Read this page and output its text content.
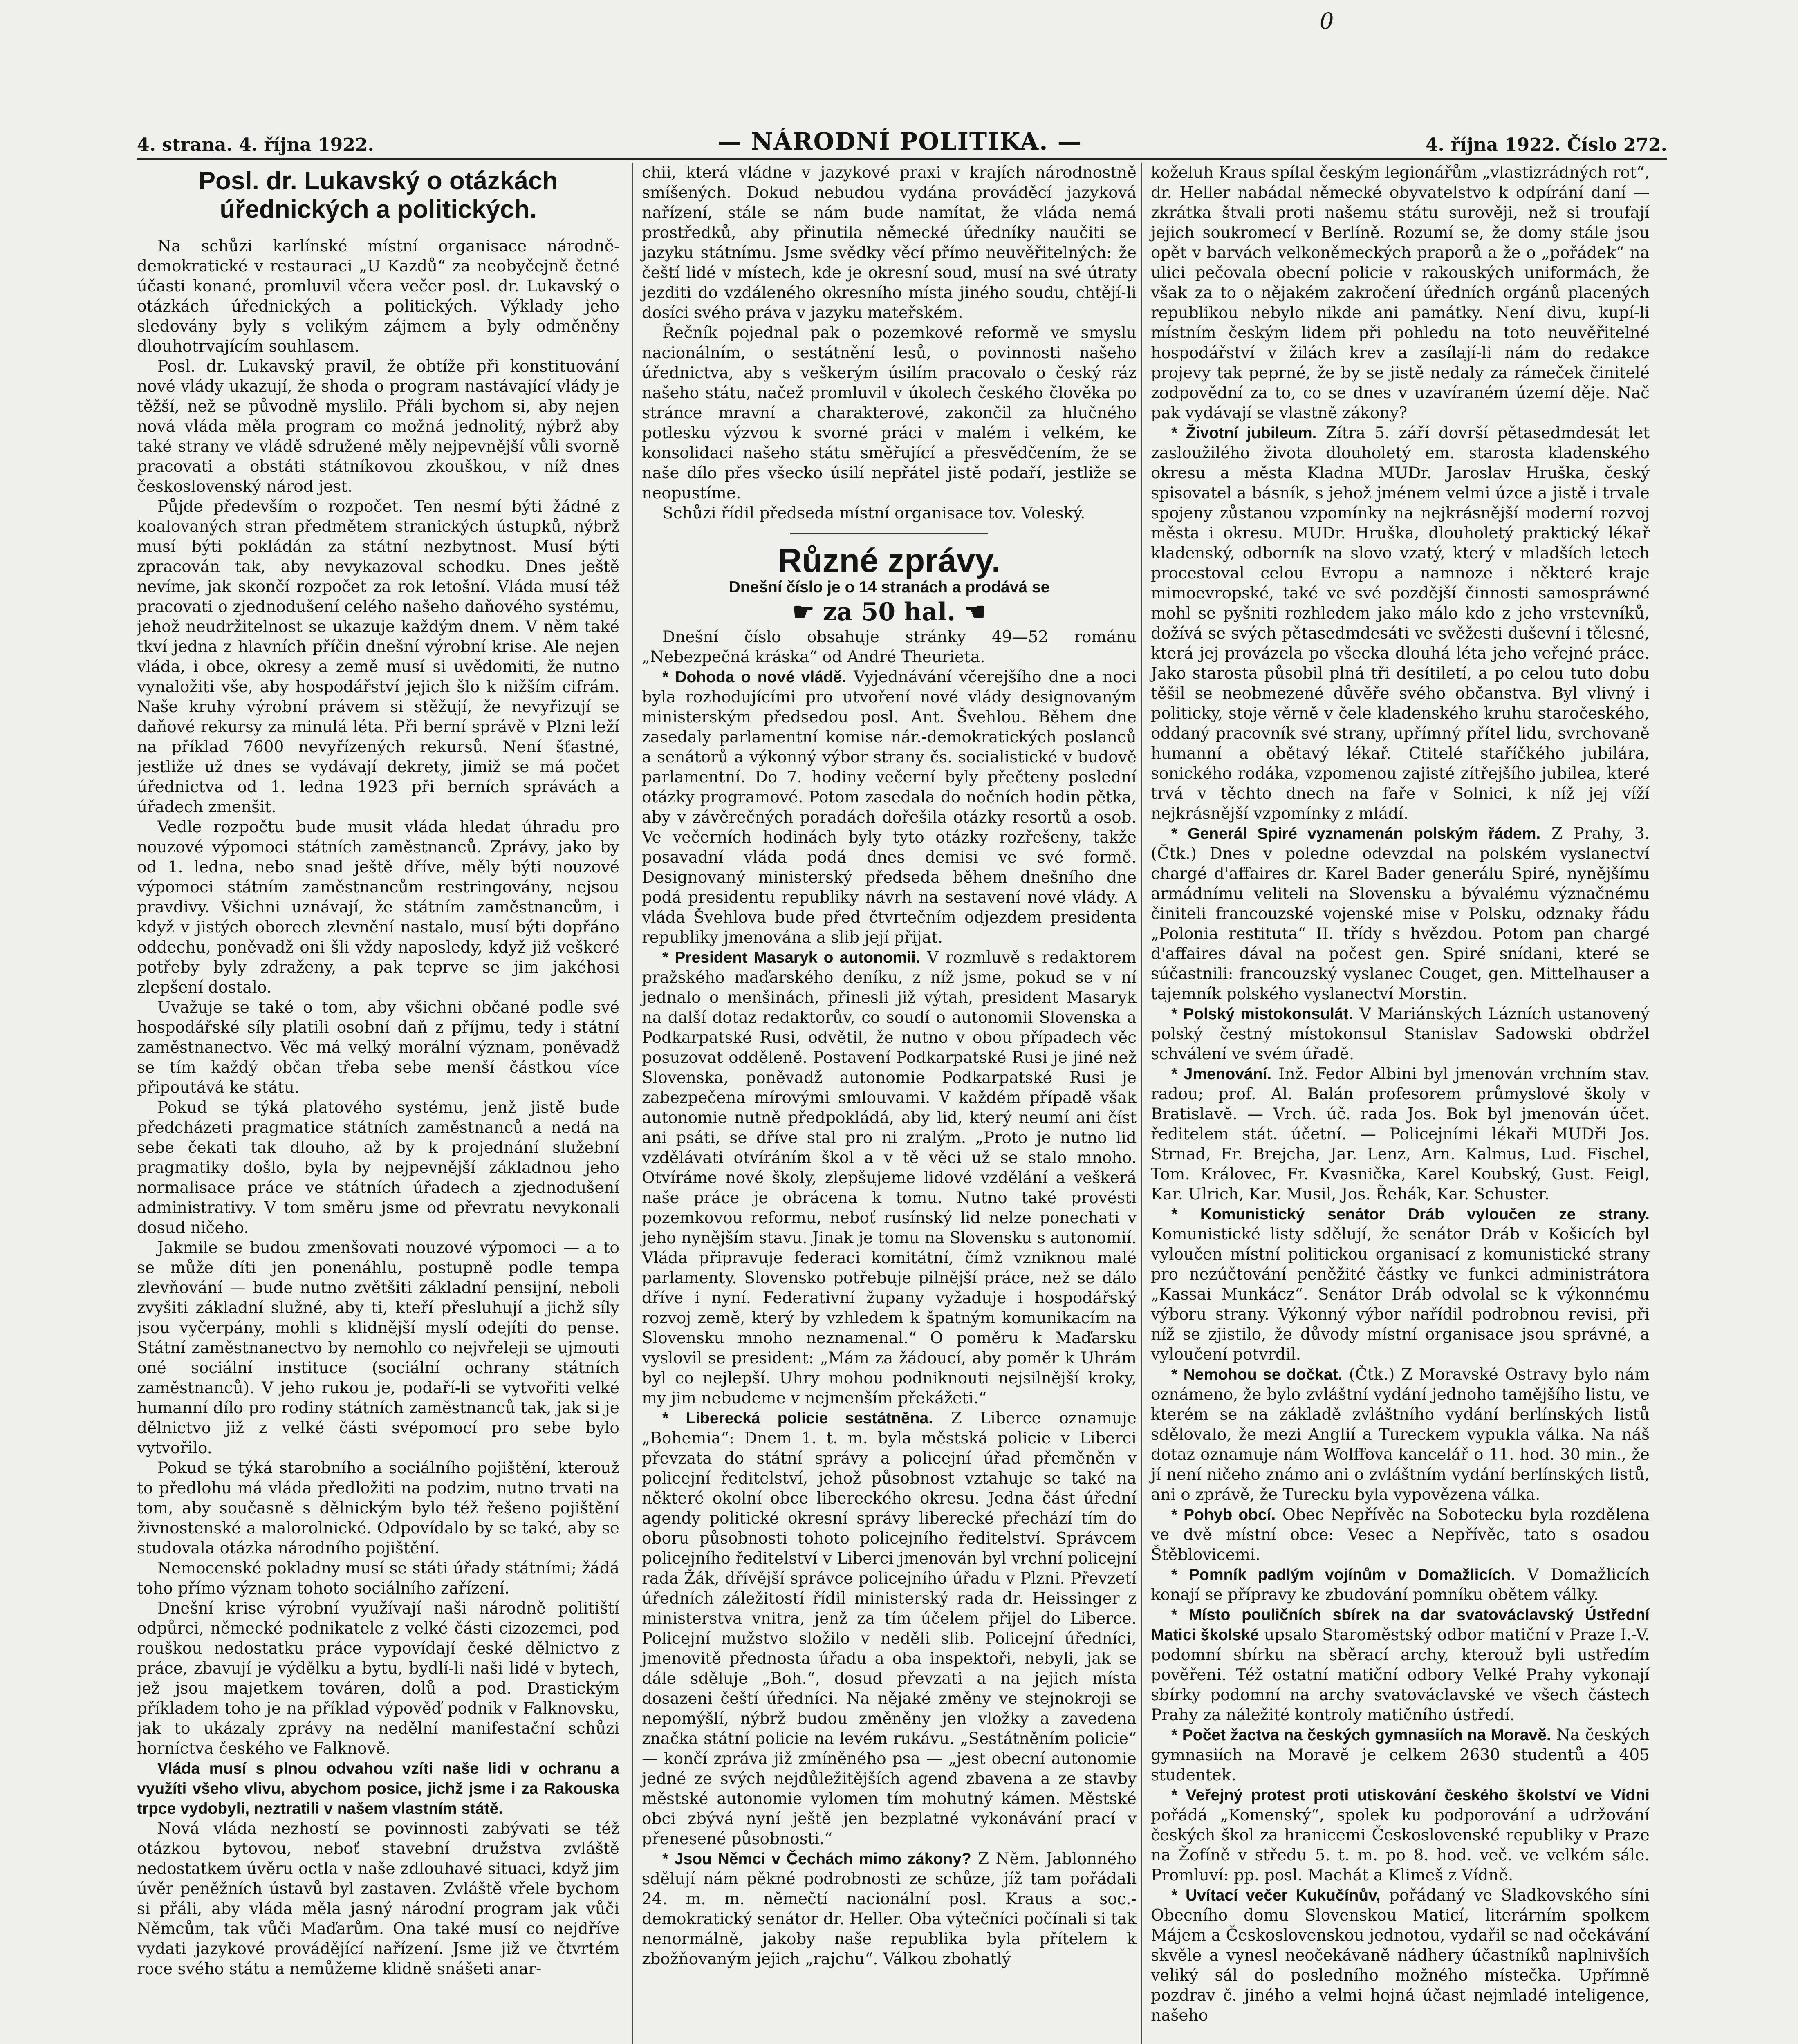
0
4. strana. 4. října 1922.	— NÁRODNÍ POLITIKA. —	4. října 1922. Číslo 272.
Posl. dr. Lukavský o otázkách úřednických a politických.

Na schůzi karlínské místní organisace národně-demokratické v restauraci „U Kazdů“ za neobyčejně četné účasti konané, promluvil včera večer posl. dr. Lukavský o otázkách úřednických a politických. Výklady jeho sledovány byly s velikým zájmem a byly odměněny dlouhotrvajícím souhlasem.

Posl. dr. Lukavský pravil, že obtíže při konstituování nové vlády ukazují, že shoda o program nastávající vlády je těžší, než se původně myslilo. Přáli bychom si, aby nejen nová vláda měla program co možná jednolitý, nýbrž aby také strany ve vládě sdružené měly nejpevnější vůli svorně pracovati a obstáti státníkovou zkouškou, v níž dnes československý národ jest.

Půjde především o rozpočet. Ten nesmí býti žádné z koalovaných stran předmětem stranických ústupků, nýbrž musí býti pokládán za státní nezbytnost. Musí býti zpracován tak, aby nevykazoval schodku. Dnes ještě nevíme, jak skončí rozpočet za rok letošní. Vláda musí též pracovati o zjednodušení celého našeho daňového systému, jehož neudržitelnost se ukazuje každým dnem. V něm také tkví jedna z hlavních příčin dnešní výrobní krise. Ale nejen vláda, i obce, okresy a země musí si uvědomiti, že nutno vynaložiti vše, aby hospodářství jejich šlo k nižším cifrám. Naše kruhy výrobní právem si stěžují, že nevyřizují se daňové rekursy za minulá léta. Při berní správě v Plzni leží na příklad 7600 nevyřízených rekursů. Není šťastné, jestliže už dnes se vydávají dekrety, jimiž se má počet úřednictva od 1. ledna 1923 při berních správách a úřadech zmenšit.

Vedle rozpočtu bude musit vláda hledat úhradu pro nouzové výpomoci státních zaměstnanců. Zprávy, jako by od 1. ledna, nebo snad ještě dříve, měly býti nouzové výpomoci státním zaměstnancům restringovány, nejsou pravdivy. Všichni uznávají, že státním zaměstnancům, i když v jistých oborech zlevnění nastalo, musí býti dopřáno oddechu, poněvadž oni šli vždy naposledy, když již veškeré potřeby byly zdraženy, a pak teprve se jim jakéhosi zlepšení dostalo.

Uvažuje se také o tom, aby všichni občané podle své hospodářské síly platili osobní daň z příjmu, tedy i státní zaměstnanectvo. Věc má velký morální význam, poněvadž se tím každý občan třeba sebe menší částkou více připoutává ke státu.

Pokud se týká platového systému, jenž jistě bude předcházeti pragmatice státních zaměstnanců a nedá na sebe čekati tak dlouho, až by k projednání služební pragmatiky došlo, byla by nejpevnější základnou jeho normalisace práce ve státních úřadech a zjednodušení administrativy. V tom směru jsme od převratu nevykonali dosud ničeho.

Jakmile se budou zmenšovati nouzové výpomoci — a to se může díti jen ponenáhlu, postupně podle tempa zlevňování — bude nutno zvětšiti základní pensijní, neboli zvyšiti základní služné, aby ti, kteří přesluhují a jichž síly jsou vyčerpány, mohli s klidnější myslí odejíti do pense. Státní zaměstnanectvo by nemohlo co nejvřeleji se ujmouti oné sociální instituce (sociální ochrany státních zaměstnanců). V jeho rukou je, podaří-li se vytvořiti velké humanní dílo pro rodiny státních zaměstnanců tak, jak si je dělnictvo již z velké části svépomocí pro sebe bylo vytvořilo.

Pokud se týká starobního a sociálního pojištění, kterouž to předlohu má vláda předložiti na podzim, nutno trvati na tom, aby současně s dělnickým bylo též řešeno pojištění živnostenské a malorolnické. Odpovídalo by se také, aby se studovala otázka národního pojištění.

Nemocenské pokladny musí se státi úřady státními; žádá toho přímo význam tohoto sociálního zařízení.

Dnešní krise výrobní využívají naši národně politiští odpůrci, německé podnikatele z velké části cizozemci, pod rouškou nedostatku práce vypovídají české dělnictvo z práce, zbavují je výdělku a bytu, bydlí-li naši lidé v bytech, jež jsou majetkem továren, dolů a pod. Drastickým příkladem toho je na příklad výpověď podnik v Falknovsku, jak to ukázaly zprávy na nedělní manifestační schůzi horníctva českého ve Falknově.

Vláda musí s plnou odvahou vzíti naše lidi v ochranu a využíti všeho vlivu, abychom posice, jichž jsme i za Rakouska trpce vydobyli, neztratili v našem vlastním státě.

Nová vláda nezhostí se povinnosti zabývati se též otázkou bytovou, neboť stavební družstva zvláště nedostatkem úvěru octla v naše zdlouhavé situaci, když jim úvěr peněžních ústavů byl zastaven. Zvláště vřele bychom si přáli, aby vláda měla jasný národní program jak vůči Němcům, tak vůči Maďarům. Ona také musí co nejdříve vydati jazykové provádějící nařízení. Jsme již ve čtvrtém roce svého státu a nemůžeme klidně snášeti anar-

chii, která vládne v jazykové praxi v krajích národnostně smíšených. Dokud nebudou vydána prováděcí jazyková nařízení, stále se nám bude namítat, že vláda nemá prostředků, aby přinutila německé úředníky naučiti se jazyku státnímu. Jsme svědky věcí přímo neuvěřitelných: že čeští lidé v místech, kde je okresní soud, musí na své útraty jezditi do vzdáleného okresního místa jiného soudu, chtějí-li dosíci svého práva v jazyku mateřském.

Řečník pojednal pak o pozemkové reformě ve smyslu nacionálním, o sestátnění lesů, o povinnosti našeho úřednictva, aby s veškerým úsilím pracovalo o český ráz našeho státu, načež promluvil v úkolech českého člověka po stránce mravní a charakterové, zakončil za hlučného potlesku výzvou k svorné práci v malém i velkém, ke konsolidaci našeho státu směřující a přesvědčením, že se naše dílo přes všecko úsilí nepřátel jistě podaří, jestliže se neopustíme.

Schůzi řídil předseda místní organisace tov. Voleský.

Různé zprávy.
Dnešní číslo je o 14 stranách a prodává se
☛ za 50 hal. ☚

Dnešní číslo obsahuje stránky 49—52 románu „Nebezpečná kráska“ od André Theurieta.

* Dohoda o nové vládě. Vyjednávání včerejšího dne a noci byla rozhodujícími pro utvoření nové vlády designovaným ministerským předsedou posl. Ant. Švehlou. Během dne zasedaly parlamentní komise nár.-demokratických poslanců a senátorů a výkonný výbor strany čs. socialistické v budově parlamentní. Do 7. hodiny večerní byly přečteny poslední otázky programové. Potom zasedala do nočních hodin pětka, aby v závěrečných poradách dořešila otázky resortů a osob. Ve večerních hodinách byly tyto otázky rozřešeny, takže posavadní vláda podá dnes demisi ve své formě. Designovaný ministerský předseda během dnešního dne podá presidentu republiky návrh na sestavení nové vlády. A vláda Švehlova bude před čtvrtečním odjezdem presidenta republiky jmenována a slib její přijat.

* President Masaryk o autonomii. V rozmluvě s redaktorem pražského maďarského deníku, z níž jsme, pokud se v ní jednalo o menšinách, přinesli již výtah, president Masaryk na další dotaz redaktorův, co soudí o autonomii Slovenska a Podkarpatské Rusi, odvětil, že nutno v obou případech věc posuzovat odděleně. Postavení Podkarpatské Rusi je jiné než Slovenska, poněvadž autonomie Podkarpatské Rusi je zabezpečena mírovými smlouvami. V každém případě však autonomie nutně předpokládá, aby lid, který neumí ani číst ani psáti, se dříve stal pro ni zralým. „Proto je nutno lid vzdělávati otvíráním škol a v tě věci už se stalo mnoho. Otvíráme nové školy, zlepšujeme lidové vzdělání a veškerá naše práce je obrácena k tomu. Nutno také provésti pozemkovou reformu, neboť rusínský lid nelze ponechati v jeho nynějším stavu. Jinak je tomu na Slovensku s autonomií. Vláda připravuje federaci komitátní, čímž vzniknou malé parlamenty. Slovensko potřebuje pilnější práce, než se dálo dříve i nyní. Federativní župany vyžaduje i hospodářský rozvoj země, který by vzhledem k špatným komunikacím na Slovensku mnoho neznamenal.“ O poměru k Maďarsku vyslovil se president: „Mám za žádoucí, aby poměr k Uhrám byl co nejlepší. Uhry mohou podniknouti nejsilnější kroky, my jim nebudeme v nejmenším překážeti.“

* Liberecká policie sestátněna. Z Liberce oznamuje „Bohemia“: Dnem 1. t. m. byla městská policie v Liberci převzata do státní správy a policejní úřad přeměněn v policejní ředitelství, jehož působnost vztahuje se také na některé okolní obce libereckého okresu. Jedna část úřední agendy politické okresní správy liberecké přechází tím do oboru působnosti tohoto policejního ředitelství. Správcem policejního ředitelství v Liberci jmenován byl vrchní policejní rada Žák, dřívější správce policejního úřadu v Plzni. Převzetí úředních záležitostí řídil ministerský rada dr. Heissinger z ministerstva vnitra, jenž za tím účelem přijel do Liberce. Policejní mužstvo složilo v neděli slib. Policejní úředníci, jmenovitě přednosta úřadu a oba inspektoři, nebyli, jak se dále sděluje „Boh.“, dosud převzati a na jejich místa dosazeni čeští úředníci. Na nějaké změny ve stejnokroji se nepomýšlí, nýbrž budou změněny jen vložky a zavedena značka státní policie na levém rukávu. „Sestátněním policie“ — končí zpráva již zmíněného psa — „jest obecní autonomie jedné ze svých nejdůležitějších agend zbavena a ze stavby městské autonomie vylomen tím mohutný kámen. Městské obci zbývá nyní ještě jen bezplatné vykonávání prací v přenesené působnosti.“

* Jsou Němci v Čechách mimo zákony? Z Něm. Jablonného sdělují nám pěkné podrobnosti ze schůze, jíž tam pořádali 24. m. m. němečtí nacionální posl. Kraus a soc.-demokratický senátor dr. Heller. Oba výtečníci počínali si tak nenormálně, jakoby naše republika byla přítelem k zbožňovaným jejich „rajchu“. Válkou zbohatlý

koželuh Kraus spílal českým legionářům „vlastizrádných rot“, dr. Heller nabádal německé obyvatelstvo k odpírání daní — zkrátka štvali proti našemu státu surověji, než si troufají jejich soukromecí v Berlíně. Rozumí se, že domy stále jsou opět v barvách velkoněmeckých praporů a že o „pořádek“ na ulici pečovala obecní policie v rakouských uniformách, že však za to o nějakém zakročení úředních orgánů placených republikou nebylo nikde ani památky. Není divu, kupí-li místním českým lidem při pohledu na toto neuvěřitelné hospodářství v žilách krev a zasílají-li nám do redakce projevy tak peprné, že by se jistě nedaly za rámeček činitelé zodpovědní za to, co se dnes v uzavíraném území děje. Nač pak vydávají se vlastně zákony?

* Životní jubileum. Zítra 5. září dovrší pětasedmdesát let zasloužilého života dlouholetý em. starosta kladenského okresu a města Kladna MUDr. Jaroslav Hruška, český spisovatel a básník, s jehož jménem velmi úzce a jistě i trvale spojeny zůstanou vzpomínky na nejkrásnější moderní rozvoj města i okresu. MUDr. Hruška, dlouholetý praktický lékař kladenský, odborník na slovo vzatý, který v mladších letech procestoval celou Evropu a namnoze i některé kraje mimoevropské, také ve své pozdější činnosti samospráwné mohl se pyšniti rozhledem jako málo kdo z jeho vrstevníků, dožívá se svých pětasedmdesáti ve svěžesti duševní i tělesné, která jej provázela po všecka dlouhá léta jeho veřejné práce. Jako starosta působil plná tři desítiletí, a po celou tuto dobu těšil se neobmezené důvěře svého občanstva. Byl vlivný i politicky, stoje věrně v čele kladenského kruhu staročeského, oddaný pracovník své strany, upřímný přítel lidu, svrchovaně humanní a obětavý lékař. Ctitelé staříčkého jubilára, sonického rodáka, vzpomenou zajisté zítřejšího jubilea, které trvá v těchto dnech na faře v Solnici, k níž jej víží nejkrásnější vzpomínky z mládí.

* Generál Spiré vyznamenán polským řádem. Z Prahy, 3. (Čtk.) Dnes v poledne odevzdal na polském vyslanectví chargé d'affaires dr. Karel Bader generálu Spiré, nynějšímu armádnímu veliteli na Slovensku a bývalému význačnému činiteli francouzské vojenské mise v Polsku, odznaky řádu „Polonia restituta“ II. třídy s hvězdou. Potom pan chargé d'affaires dával na počest gen. Spiré snídani, které se súčastnili: francouzský vyslanec Couget, gen. Mittelhauser a tajemník polského vyslanectví Morstin.

* Polský mistokonsulát. V Mariánských Lázních ustanovený polský čestný místokonsul Stanislav Sadowski obdržel schválení ve svém úřadě.

* Jmenování. Inž. Fedor Albini byl jmenován vrchním stav. radou; prof. Al. Balán profesorem průmyslové školy v Bratislavě. — Vrch. úč. rada Jos. Bok byl jmenován účet. ředitelem stát. účetní. — Policejními lékaři MUDři Jos. Strnad, Fr. Brejcha, Jar. Lenz, Arn. Kalmus, Lud. Fischel, Tom. Královec, Fr. Kvasnička, Karel Koubský, Gust. Feigl, Kar. Ulrich, Kar. Musil, Jos. Řehák, Kar. Schuster.

* Komunistický senátor Dráb vyloučen ze strany. Komunistické listy sdělují, že senátor Dráb v Košicích byl vyloučen místní politickou organisací z komunistické strany pro nezúčtování peněžité částky ve funkci administrátora „Kassai Munkácz“. Senátor Dráb odvolal se k výkonnému výboru strany. Výkonný výbor nařídil podrobnou revisi, při níž se zjistilo, že důvody místní organisace jsou správné, a vyloučení potvrdil.

* Nemohou se dočkat. (Čtk.) Z Moravské Ostravy bylo nám oznámeno, že bylo zvláštní vydání jednoho tamějšího listu, ve kterém se na základě zvláštního vydání berlínských listů sdělovalo, že mezi Anglií a Tureckem vypukla válka. Na náš dotaz oznamuje nám Wolffova kancelář o 11. hod. 30 min., že jí není ničeho známo ani o zvláštním vydání berlínských listů, ani o zprávě, že Turecku byla vypovězena válka.

* Pohyb obcí. Obec Nepřívěc na Sobotecku byla rozdělena ve dvě místní obce: Vesec a Nepřívěc, tato s osadou Štěblovicemi.

* Pomník padlým vojínům v Domažlicích. V Domažlicích konají se přípravy ke zbudování pomníku obětem války.

* Místo pouličních sbírek na dar svatováclavský Ústřední Matici školské upsalo Staroměstský odbor matiční v Praze I.-V. podomní sbírku na sběrací archy, kterouž byli ustředím pověřeni. Též ostatní matiční odbory Velké Prahy vykonají sbírky podomní na archy svatováclavské ve všech částech Prahy za náležité kontroly matičního ústředí.

* Počet žactva na českých gymnasiích na Moravě. Na českých gymnasiích na Moravě je celkem 2630 studentů a 405 studentek.

* Veřejný protest proti utiskování českého školství ve Vídni pořádá „Komenský“, spolek ku podporování a udržování českých škol za hranicemi Československé republiky v Praze na Žofíně v středu 5. t. m. po 8. hod. več. ve velkém sále. Promluví: pp. posl. Machát a Klimeš z Vídně.

* Uvítací večer Kukučínův, pořádaný ve Sladkovského síni Obecního domu Slovenskou Maticí, literárním spolkem Májem a Československou jednotou, vydařil se nad očekávání skvěle a vynesl neočekávaně nádhery účastníků naplnivších veliký sál do posledního možného místečka. Upřímně pozdrav č. jiného a velmi hojná účast nejmladé inteligence, našeho
